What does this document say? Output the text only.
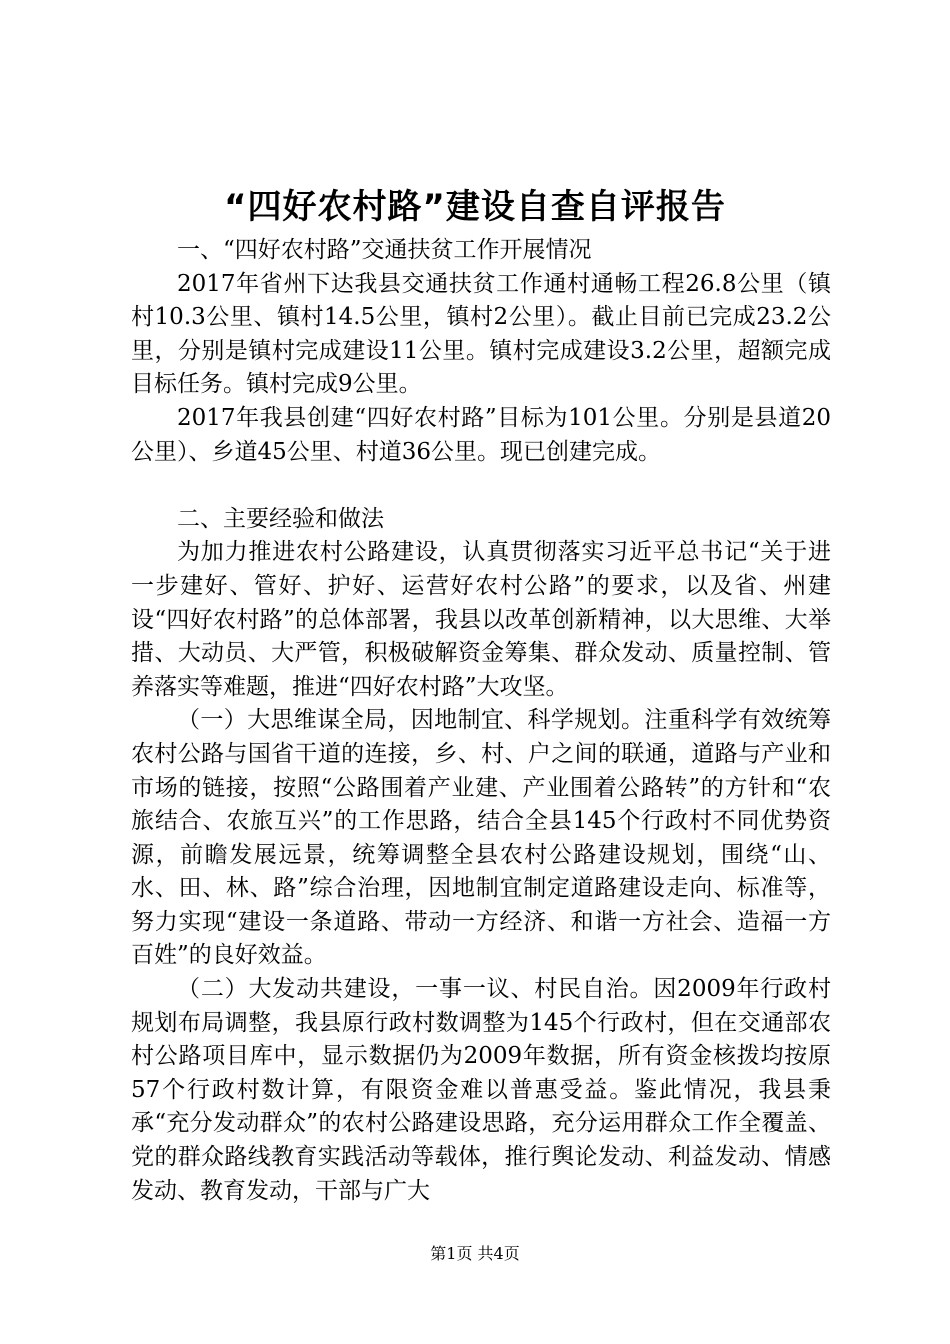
“四好农村路”建设自查自评报告

一、“四好农村路”交通扶贫工作开展情况

2017年省州下达我县交通扶贫工作通村通畅工程26.8公里（镇村10.3公里、镇村14.5公里，镇村2公里）。截止目前已完成23.2公里，分别是镇村完成建设11公里。镇村完成建设3.2公里，超额完成目标任务。镇村完成9公里。

2017年我县创建“四好农村路”目标为101公里。分别是县道20公里）、乡道45公里、村道36公里。现已创建完成。

二、主要经验和做法

为加力推进农村公路建设，认真贯彻落实习近平总书记“关于进一步建好、管好、护好、运营好农村公路”的要求，以及省、州建设“四好农村路”的总体部署，我县以改革创新精神，以大思维、大举措、大动员、大严管，积极破解资金筹集、群众发动、质量控制、管养落实等难题，推进“四好农村路”大攻坚。

（一）大思维谋全局，因地制宜、科学规划。注重科学有效统筹农村公路与国省干道的连接，乡、村、户之间的联通，道路与产业和市场的链接，按照“公路围着产业建、产业围着公路转”的方针和“农旅结合、农旅互兴”的工作思路，结合全县145个行政村不同优势资源，前瞻发展远景，统筹调整全县农村公路建设规划，围绕“山、水、田、林、路”综合治理，因地制宜制定道路建设走向、标准等，努力实现“建设一条道路、带动一方经济、和谐一方社会、造福一方百姓”的良好效益。

（二）大发动共建设，一事一议、村民自治。因2009年行政村规划布局调整，我县原行政村数调整为145个行政村，但在交通部农村公路项目库中，显示数据仍为2009年数据，所有资金核拨均按原57个行政村数计算，有限资金难以普惠受益。鉴此情况，我县秉承“充分发动群众”的农村公路建设思路，充分运用群众工作全覆盖、党的群众路线教育实践活动等载体，推行舆论发动、利益发动、情感发动、教育发动，干部与广大

第1页 共4页
